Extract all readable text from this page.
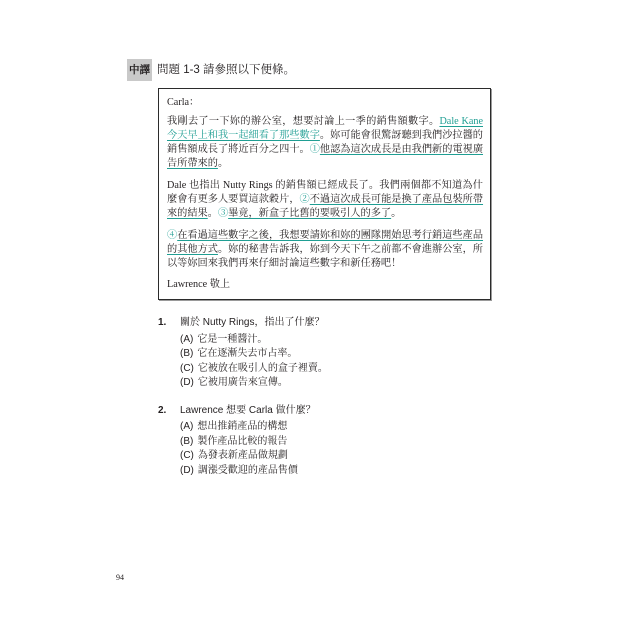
中譯 問題 1-3 請參照以下便條。
Carla：
我剛去了一下妳的辦公室，想要討論上一季的銷售額數字。Dale Kane
今天早上和我一起細看了那些數字。妳可能會很驚訝聽到我們沙拉醬的
銷售額成長了將近百分之四十。①他認為這次成長是由我們新的電視廣
告所帶來的。
Dale 也指出 Nutty Rings 的銷售額已經成長了。我們兩個都不知道為什
麼會有更多人要買這款穀片，②不過這次成長可能是換了產品包裝所帶
來的結果。③畢竟，新盒子比舊的要吸引人的多了。
④在看過這些數字之後，我想要請妳和妳的團隊開始思考行銷這些產品
的其他方式。妳的秘書告訴我，妳到今天下午之前都不會進辦公室，所
以等妳回來我們再來仔細討論這些數字和新任務吧！
Lawrence 敬上
1.	關於 Nutty Rings，指出了什麼？
(A) 它是一種醬汁。
(B) 它在逐漸失去市占率。
(C) 它被放在吸引人的盒子裡賣。
(D) 它被用廣告來宣傳。
2.	Lawrence 想要 Carla 做什麼？
(A) 想出推銷產品的構想
(B) 製作產品比較的報告
(C) 為發表新產品做規劃
(D) 調漲受歡迎的產品售價
94
